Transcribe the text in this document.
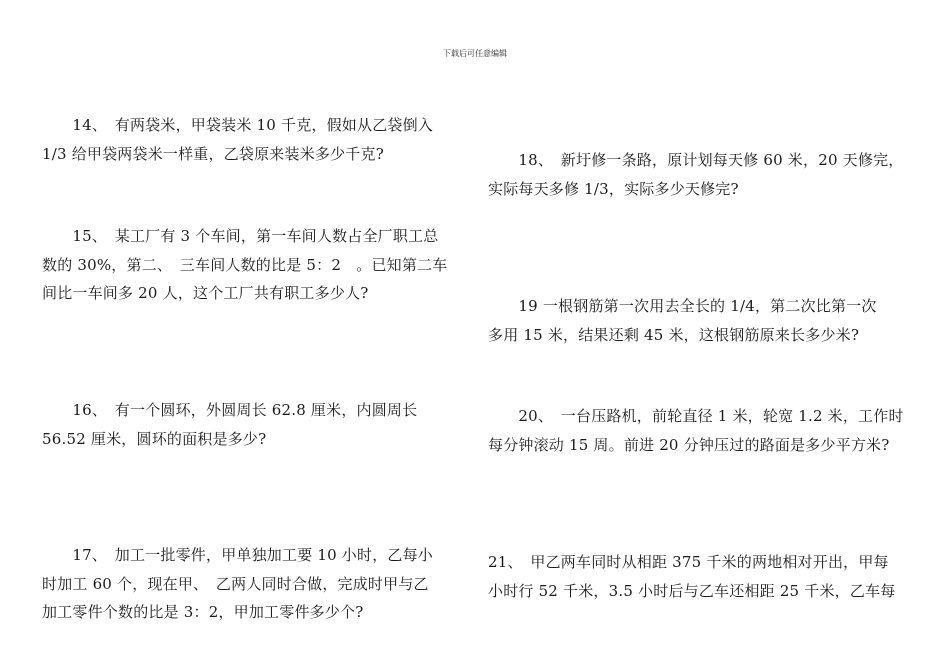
下载后可任意编辑
　　14、　有两袋米，甲袋装米 10 千克，假如从乙袋倒入
1/3 给甲袋两袋米一样重，乙袋原来装米多少千克?
　　15、　某工厂有 3 个车间，第一车间人数占全厂职工总
数的 30%，第二、　三车间人数的比是 5：2　。已知第二车
间比一车间多 20 人，这个工厂共有职工多少人?
　　16、　有一个圆环，外圆周长 62.8 厘米，内圆周长
56.52 厘米，圆环的面积是多少?
　　17、　加工一批零件，甲单独加工要 10 小时，乙每小
时加工 60 个，现在甲、　乙两人同时合做，完成时甲与乙
加工零件个数的比是 3：2，甲加工零件多少个?
　　18、　新圩修一条路，原计划每天修 60 米，20 天修完，
实际每天多修 1/3，实际多少天修完?
　　19 一根钢筋第一次用去全长的 1/4，第二次比第一次
多用 15 米，结果还剩 45 米，这根钢筋原来长多少米?
　　20、　一台压路机，前轮直径 1 米，轮宽 1.2 米，工作时
每分钟滚动 15 周。前进 20 分钟压过的路面是多少平方米?
21、　甲乙两车同时从相距 375 千米的两地相对开出，甲每
小时行 52 千米，3.5 小时后与乙车还相距 25 千米，乙车每
